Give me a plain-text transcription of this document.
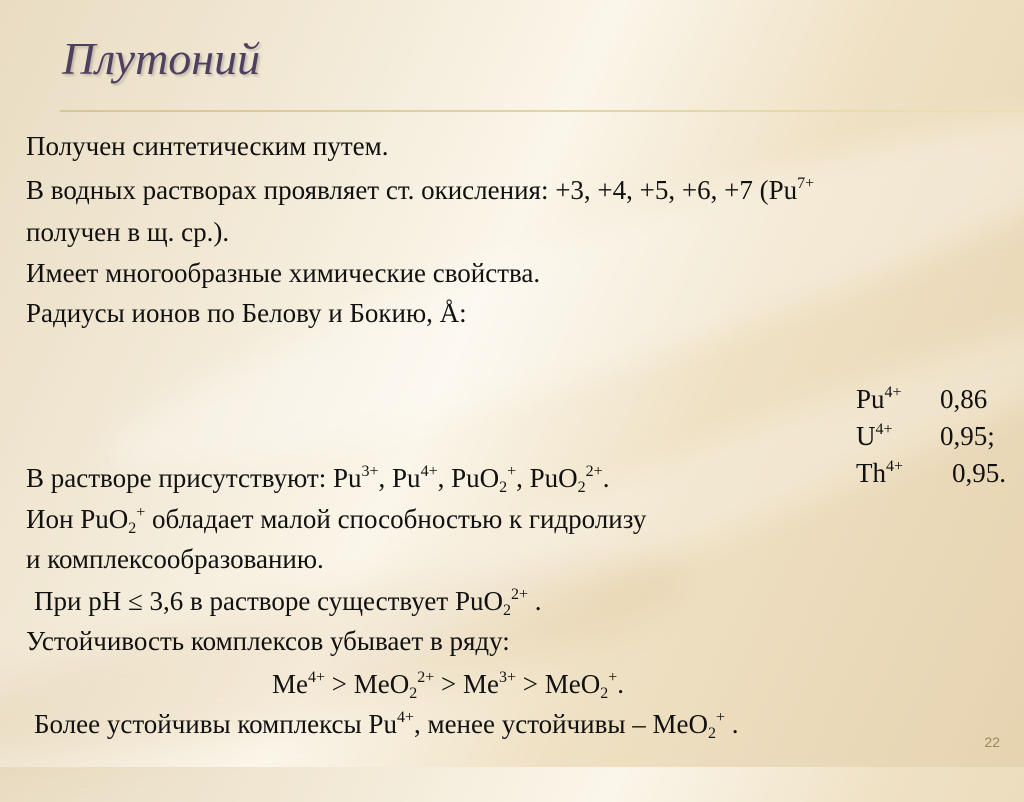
Плутоний
Получен синтетическим путем.
В водных растворах проявляет ст. окисления: +3, +4, +5, +6, +7 ($Pu^{7+}$
получен в щ. ср.).
Имеет многообразные химические свойства.
Радиусы ионов по Белову и Бокию, Å:
В растворе присутствуют: $Pu^{3+}$, $Pu^{4+}$, PuO$_2$+, PuO$_2^{2+}$.
Ион PuO$_2$+ обладает малой способностью к гидролизу
и комплексообразованию.
При pH ≤ 3,6 в растворе существует PuO$_2^{2+}$ .
Устойчивость комплексов убывает в ряду:
$Me^{4+} > MeO_2^{2+} > Me^{3+} > MeO_2^+$.
Более устойчивы комплексы $Pu^{4+}$, менее устойчивы – MeO$_2$+ .
$Pu^{4+}$ 0,86
$U^{4+}$ 0,95;
$Th^{4+}$ 0,95.
22
